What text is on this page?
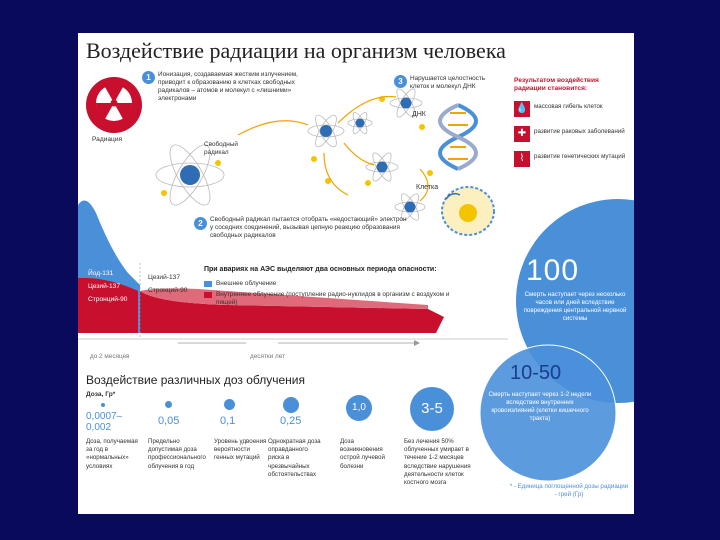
Воздействие радиации на организм человека
Радиация
1	Ионизация, создаваемая жестким излучением, приводит к образованию в клетках свободных радикалов – атомов и молекул с «лишними» электронами
Свободный радикал
2	Свободный радикал пытается отобрать «недостающий» электрон у соседних соединений, вызывая цепную реакцию образования свободных радикалов
3	Нарушается целостность клеток и молекул ДНК
ДНК
Клетка
Результатом воздействия радиации становится:
💧 массовая гибель клеток
✚	развитие раковых заболеваний
⌇	развитие генетических мутаций
Йод-131
Цезий-137
Стронций-90
Цезий-137
Стронций-90
При авариях на АЭС выделяют два основных периода опасности:
Внешнее облучение
Внутреннее облучение (поступление радио-нуклидов в организм с воздухом и пищей)
до 2 месяцев	десятки лет
100
Смерть наступает через несколько часов или дней вследствие повреждения центральной нервной системы
10-50
Смерть наступает через 1-2 недели вследствие внутренних кровоизлияний (клетки кишечного тракта)
Воздействие различных доз облучения
Доза, Гр*
0,0007–0,002
Доза, получаемая за год в «нормальных» условиях
0,05
Предельно допустимая доза профессионального облучения в год
0,1
Уровень удвоения вероятности генных мутаций
0,25
Однократная доза оправданного риска в чрезвычайных обстоятельствах
1,0
Доза возникновения острой лучевой болезни
3-5
Без лечения 50% облученных умирает в течение 1-2 месяцев вследствие нарушения деятельности клеток костного мозга
* - Единица поглощенной дозы радиации - грей (Гр)
